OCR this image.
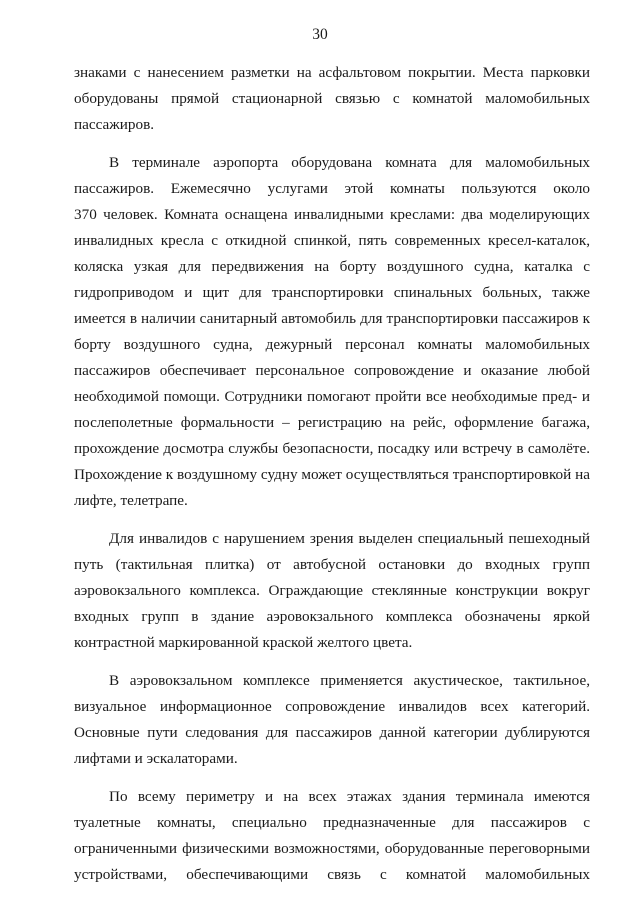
30
знаками с нанесением разметки на асфальтовом покрытии. Места парковки
оборудованы прямой стационарной связью с комнатой маломобильных
пассажиров.
В терминале аэропорта оборудована комната для маломобильных
пассажиров. Ежемесячно услугами этой комнаты пользуются около
370 человек. Комната оснащена инвалидными креслами: два моделирующих
инвалидных кресла с откидной спинкой, пять современных кресел-каталок,
коляска узкая для передвижения на борту воздушного судна, каталка с
гидроприводом и щит для транспортировки спинальных больных, также
имеется в наличии санитарный автомобиль для транспортировки пассажиров к
борту воздушного судна, дежурный персонал комнаты маломобильных
пассажиров обеспечивает персональное сопровождение и оказание любой
необходимой помощи. Сотрудники помогают пройти все необходимые пред- и
послеполетные формальности – регистрацию на рейс, оформление багажа,
прохождение досмотра службы безопасности, посадку или встречу в самолёте.
Прохождение к воздушному судну может осуществляться транспортировкой на
лифте, телетрапе.
Для инвалидов с нарушением зрения выделен специальный пешеходный
путь (тактильная плитка) от автобусной остановки до входных групп
аэровокзального комплекса. Ограждающие стеклянные конструкции вокруг
входных групп в здание аэровокзального комплекса обозначены яркой
контрастной маркированной краской желтого цвета.
В аэровокзальном комплексе применяется акустическое, тактильное,
визуальное информационное сопровождение инвалидов всех категорий.
Основные пути следования для пассажиров данной категории дублируются
лифтами и эскалаторами.
По всему периметру и на всех этажах здания терминала имеются
туалетные комнаты, специально предназначенные для пассажиров с
ограниченными физическими возможностями, оборудованные переговорными
устройствами, обеспечивающими связь с комнатой маломобильных
